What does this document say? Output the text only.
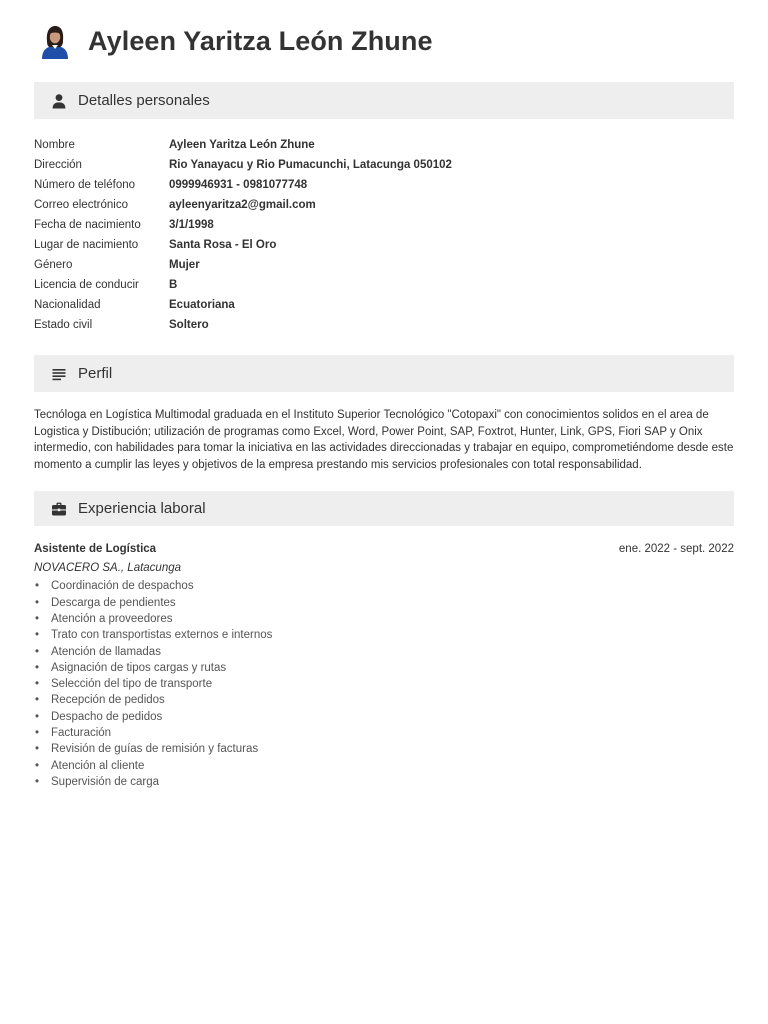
Ayleen Yaritza León Zhune
Detalles personales
Nombre	Ayleen Yaritza León Zhune
Dirección	Rio Yanayacu y Rio Pumacunchi, Latacunga 050102
Número de teléfono	0999946931 - 0981077748
Correo electrónico	ayleenyaritza2@gmail.com
Fecha de nacimiento	3/1/1998
Lugar de nacimiento	Santa Rosa - El Oro
Género	Mujer
Licencia de conducir	B
Nacionalidad	Ecuatoriana
Estado civil	Soltero
Perfil
Tecnóloga en Logística Multimodal graduada en el Instituto Superior Tecnológico "Cotopaxi" con conocimientos solidos en el area de Logistica y Distibución; utilización de programas como Excel, Word, Power Point, SAP, Foxtrot, Hunter, Link, GPS, Fiori SAP y Onix intermedio, con habilidades para tomar la iniciativa en las actividades direccionadas y trabajar en equipo, comprometiéndome desde este momento a cumplir las leyes y objetivos de la empresa prestando mis servicios profesionales con total responsabilidad.
Experiencia laboral
Asistente de Logística	ene. 2022 - sept. 2022
NOVACERO SA., Latacunga
• Coordinación de despachos
• Descarga de pendientes
• Atención a proveedores
• Trato con transportistas externos e internos
• Atención de llamadas
• Asignación de tipos cargas y rutas
• Selección del tipo de transporte
• Recepción de pedidos
• Despacho de pedidos
• Facturación
• Revisión de guías de remisión y facturas
• Atención al cliente
• Supervisión de carga
